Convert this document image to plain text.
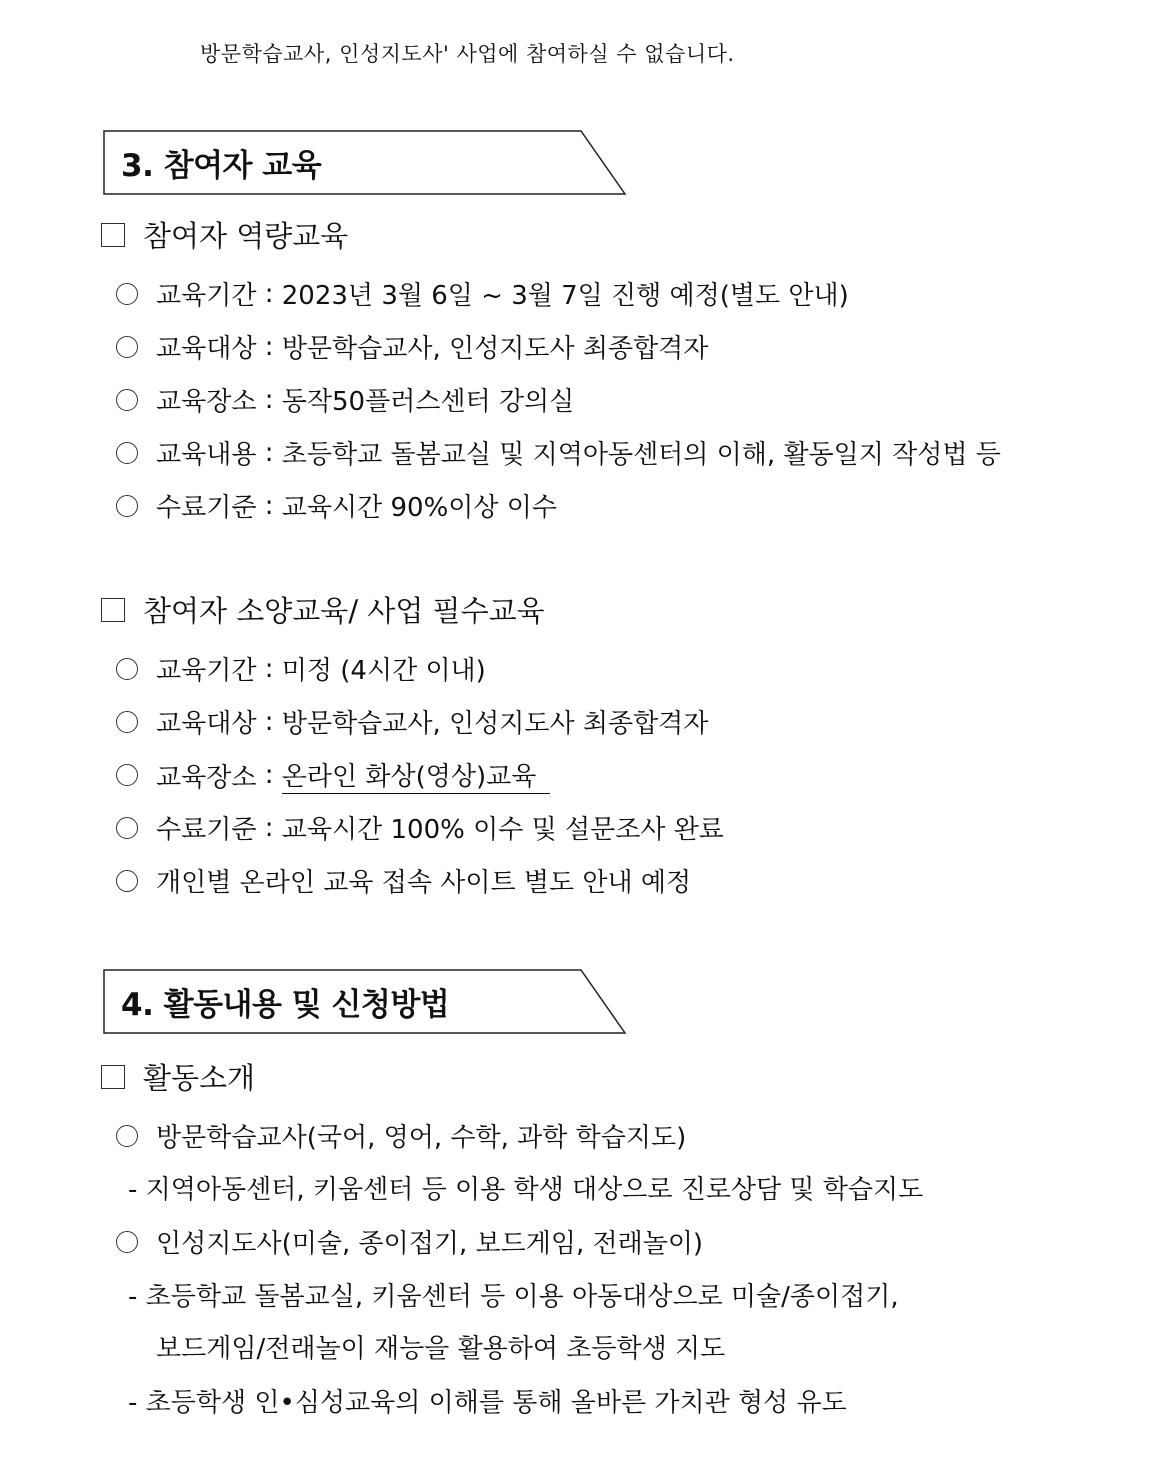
방문학습교사, 인성지도사' 사업에 참여하실 수 없습니다.
3. 참여자 교육
참여자 역량교육
교육기간 : 2023년 3월 6일 ~ 3월 7일 진행 예정(별도 안내)
교육대상 : 방문학습교사, 인성지도사 최종합격자
교육장소 : 동작50플러스센터 강의실
교육내용 : 초등학교 돌봄교실 및 지역아동센터의 이해, 활동일지 작성법 등
수료기준 : 교육시간 90%이상 이수
참여자 소양교육/ 사업 필수교육
교육기간 : 미정 (4시간 이내)
교육대상 : 방문학습교사, 인성지도사 최종합격자
교육장소 : 온라인 화상(영상)교육
수료기준 : 교육시간 100% 이수 및 설문조사 완료
개인별 온라인 교육 접속 사이트 별도 안내 예정
4. 활동내용 및 신청방법
활동소개
방문학습교사(국어, 영어, 수학, 과학 학습지도)
- 지역아동센터, 키움센터 등 이용 학생 대상으로 진로상담 및 학습지도
인성지도사(미술, 종이접기, 보드게임, 전래놀이)
- 초등학교 돌봄교실, 키움센터 등 이용 아동대상으로 미술/종이접기,
보드게임/전래놀이 재능을 활용하여 초등학생 지도
- 초등학생 인•심성교육의 이해를 통해 올바른 가치관 형성 유도
